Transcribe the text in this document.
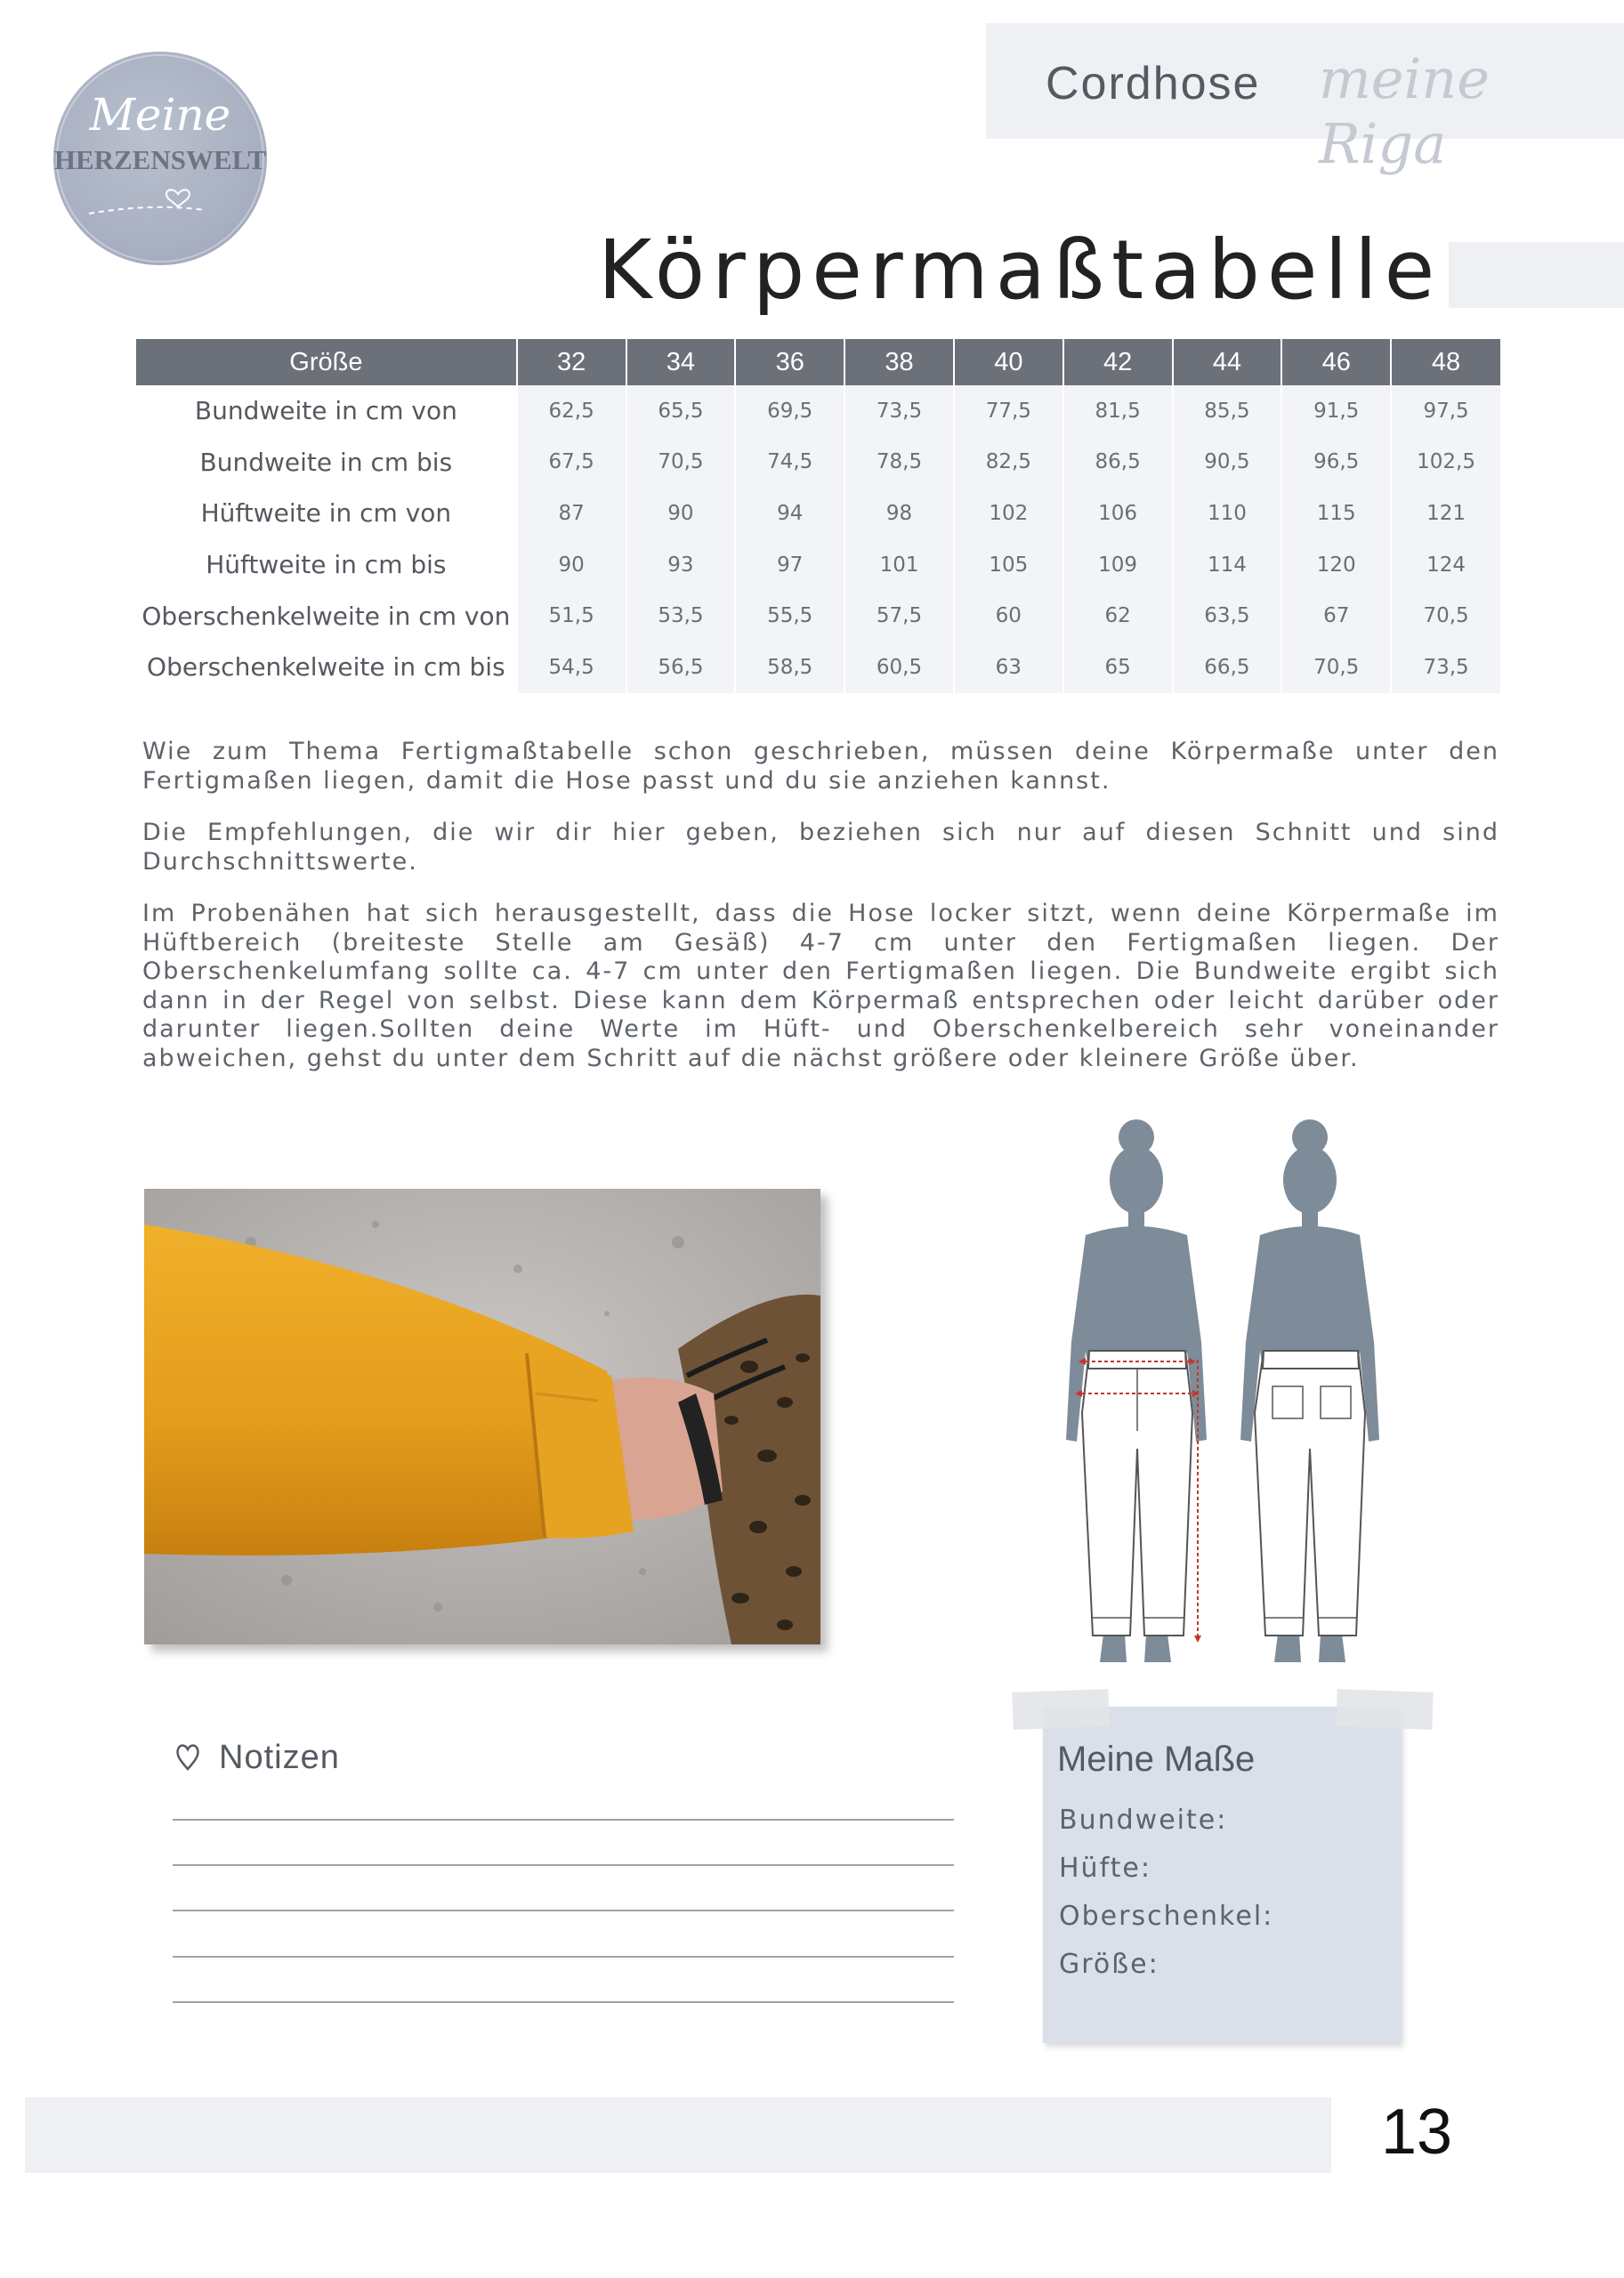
Meine
HERZENSWELT
Cordhose meine Riga
Körpermaßtabelle
Größe	32	34	36	38	40	42	44	46	48
Bundweite in cm von	62,5	65,5	69,5	73,5	77,5	81,5	85,5	91,5	97,5
Bundweite in cm bis	67,5	70,5	74,5	78,5	82,5	86,5	90,5	96,5	102,5
Hüftweite in cm von	87	90	94	98	102	106	110	115	121
Hüftweite in cm bis	90	93	97	101	105	109	114	120	124
Oberschenkelweite in cm von	51,5	53,5	55,5	57,5	60	62	63,5	67	70,5
Oberschenkelweite in cm bis	54,5	56,5	58,5	60,5	63	65	66,5	70,5	73,5

Wie zum Thema Fertigmaßtabelle schon geschrieben, müssen deine Körpermaße unter den Fertigmaßen liegen, damit die Hose passt und du sie anziehen kannst.

Die Empfehlungen, die wir dir hier geben, beziehen sich nur auf diesen Schnitt und sind Durchschnittswerte.

Im Probenähen hat sich herausgestellt, dass die Hose locker sitzt, wenn deine Körpermaße im Hüftbereich (breiteste Stelle am Gesäß) 4-7 cm unter den Fertigmaßen liegen. Der Oberschenkelumfang sollte ca. 4-7 cm unter den Fertigmaßen liegen. Die Bundweite ergibt sich dann in der Regel von selbst. Diese kann dem Körpermaß entsprechen oder leicht darüber oder darunter liegen.Sollten deine Werte im Hüft- und Oberschenkelbereich sehr voneinander abweichen, gehst du unter dem Schritt auf die nächst größere oder kleinere Größe über.

Notizen	Meine Maße
Bundweite:
Hüfte:
Oberschenkel:
Größe:
13
